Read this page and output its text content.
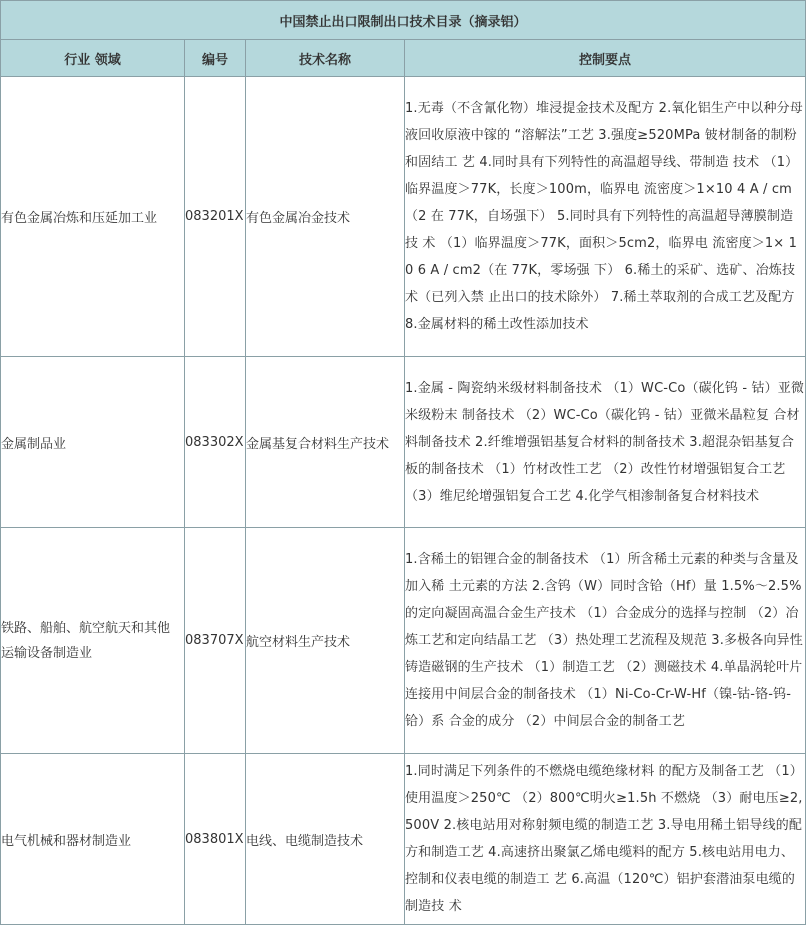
中国禁止出口限制出口技术目录（摘录铝）			
行业 领域	编号	技术名称	控制要点
有色金属冶炼和压延加工业	083201X	有色金属冶金技术	1.无毒（不含氰化物）堆浸提金技术及配方 2.氧化铝生产中以种分母液回收原液中镓的 “溶解法”工艺 3.强度≥520MPa 铍材制备的制粉和固结工 艺 4.同时具有下列特性的高温超导线、带制造 技术 （1）临界温度＞77K，长度＞100m，临界电 流密度＞1×10 4 A / cm（2 在 77K，自场强下） 5.同时具有下列特性的高温超导薄膜制造技 术 （1）临界温度＞77K，面积＞5cm2，临界电 流密度＞1× 10 6 A / cm2（在 77K，零场强 下） 6.稀土的采矿、选矿、冶炼技术（已列入禁 止出口的技术除外） 7.稀土萃取剂的合成工艺及配方 8.金属材料的稀土改性添加技术
金属制品业	083302X	金属基复合材料生产技术	1.金属 - 陶瓷纳米级材料制备技术 （1）WC-Co（碳化钨 - 钴）亚微米级粉末 制备技术 （2）WC-Co（碳化钨 - 钴）亚微米晶粒复 合材料制备技术 2.纤维增强铝基复合材料的制备技术 3.超混杂铝基复合板的制备技术 （1）竹材改性工艺 （2）改性竹材增强铝复合工艺 （3）维尼纶增强铝复合工艺 4.化学气相渗制备复合材料技术
铁路、船舶、航空航天和其他运输设备制造业	083707X	航空材料生产技术	1.含稀土的铝锂合金的制备技术 （1）所含稀土元素的种类与含量及加入稀 土元素的方法 2.含钨（W）同时含铪（Hf）量 1.5%～2.5% 的定向凝固高温合金生产技术 （1）合金成分的选择与控制 （2）冶炼工艺和定向结晶工艺 （3）热处理工艺流程及规范 3.多极各向异性铸造磁钢的生产技术 （1）制造工艺 （2）测磁技术 4.单晶涡轮叶片连接用中间层合金的制备技术 （1）Ni-Co-Cr-W-Hf（镍-钴-铬-钨-铪）系 合金的成分 （2）中间层合金的制备工艺
电气机械和器材制造业	083801X	电线、电缆制造技术	1.同时满足下列条件的不燃烧电缆绝缘材料 的配方及制备工艺 （1）使用温度＞250℃ （2）800℃明火≥1.5h 不燃烧 （3）耐电压≥2,500V 2.核电站用对称射频电缆的制造工艺 3.导电用稀土铝导线的配方和制造工艺 4.高速挤出聚氯乙烯电缆料的配方 5.核电站用电力、控制和仪表电缆的制造工 艺 6.高温（120℃）铝护套潜油泵电缆的制造技 术
